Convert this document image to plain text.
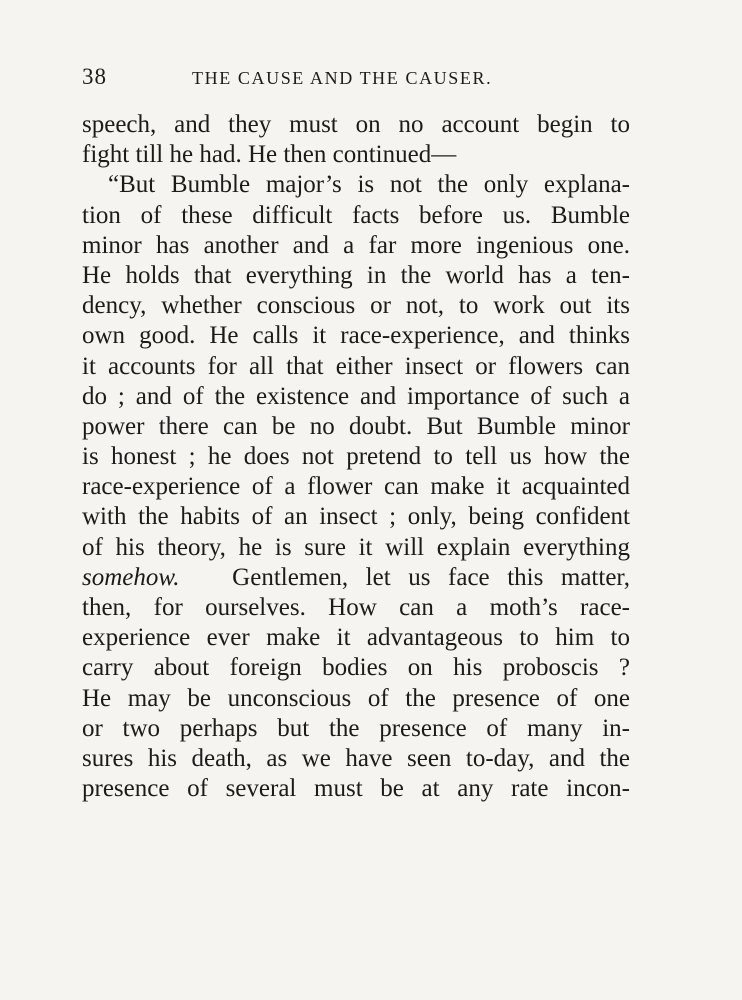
38	THE CAUSE AND THE CAUSER.
speech, and they must on no account begin to
fight till he had. He then continued—
“But Bumble major’s is not the only explana-
tion of these difficult facts before us. Bumble
minor has another and a far more ingenious one.
He holds that everything in the world has a ten-
dency, whether conscious or not, to work out its
own good. He calls it race-experience, and thinks
it accounts for all that either insect or flowers can
do ; and of the existence and importance of such a
power there can be no doubt. But Bumble minor
is honest ; he does not pretend to tell us how the
race-experience of a flower can make it acquainted
with the habits of an insect ; only, being confident
of his theory, he is sure it will explain everything
somehow. Gentlemen, let us face this matter,
then, for ourselves. How can a moth’s race-
experience ever make it advantageous to him to
carry about foreign bodies on his proboscis ?
He may be unconscious of the presence of one
or two perhaps but the presence of many in-
sures his death, as we have seen to-day, and the
presence of several must be at any rate incon-
